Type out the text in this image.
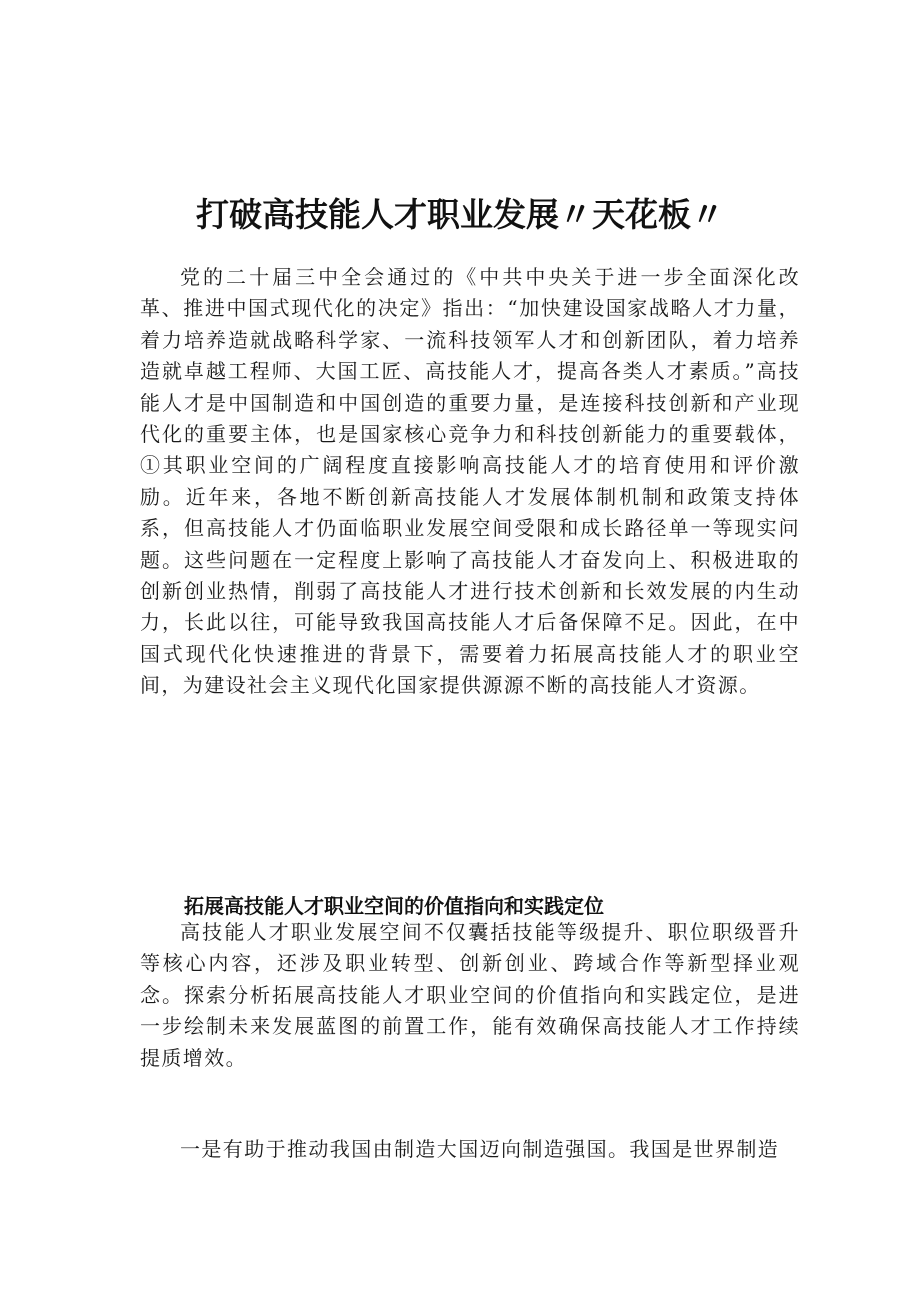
打破高技能人才职业发展〃天花板〃

党的二十届三中全会通过的《中共中央关于进一步全面深化改革、推进中国式现代化的决定》指出：“加快建设国家战略人才力量，着力培养造就战略科学家、一流科技领军人才和创新团队，着力培养造就卓越工程师、大国工匠、高技能人才，提高各类人才素质。”高技能人才是中国制造和中国创造的重要力量，是连接科技创新和产业现代化的重要主体，也是国家核心竞争力和科技创新能力的重要载体，①其职业空间的广阔程度直接影响高技能人才的培育使用和评价激励。近年来，各地不断创新高技能人才发展体制机制和政策支持体系，但高技能人才仍面临职业发展空间受限和成长路径单一等现实问题。这些问题在一定程度上影响了高技能人才奋发向上、积极进取的创新创业热情，削弱了高技能人才进行技术创新和长效发展的内生动力，长此以往，可能导致我国高技能人才后备保障不足。因此，在中国式现代化快速推进的背景下，需要着力拓展高技能人才的职业空间，为建设社会主义现代化国家提供源源不断的高技能人才资源。

拓展高技能人才职业空间的价值指向和实践定位

高技能人才职业发展空间不仅囊括技能等级提升、职位职级晋升等核心内容，还涉及职业转型、创新创业、跨域合作等新型择业观念。探索分析拓展高技能人才职业空间的价值指向和实践定位，是进一步绘制未来发展蓝图的前置工作，能有效确保高技能人才工作持续提质增效。

一是有助于推动我国由制造大国迈向制造强国。我国是世界制造
